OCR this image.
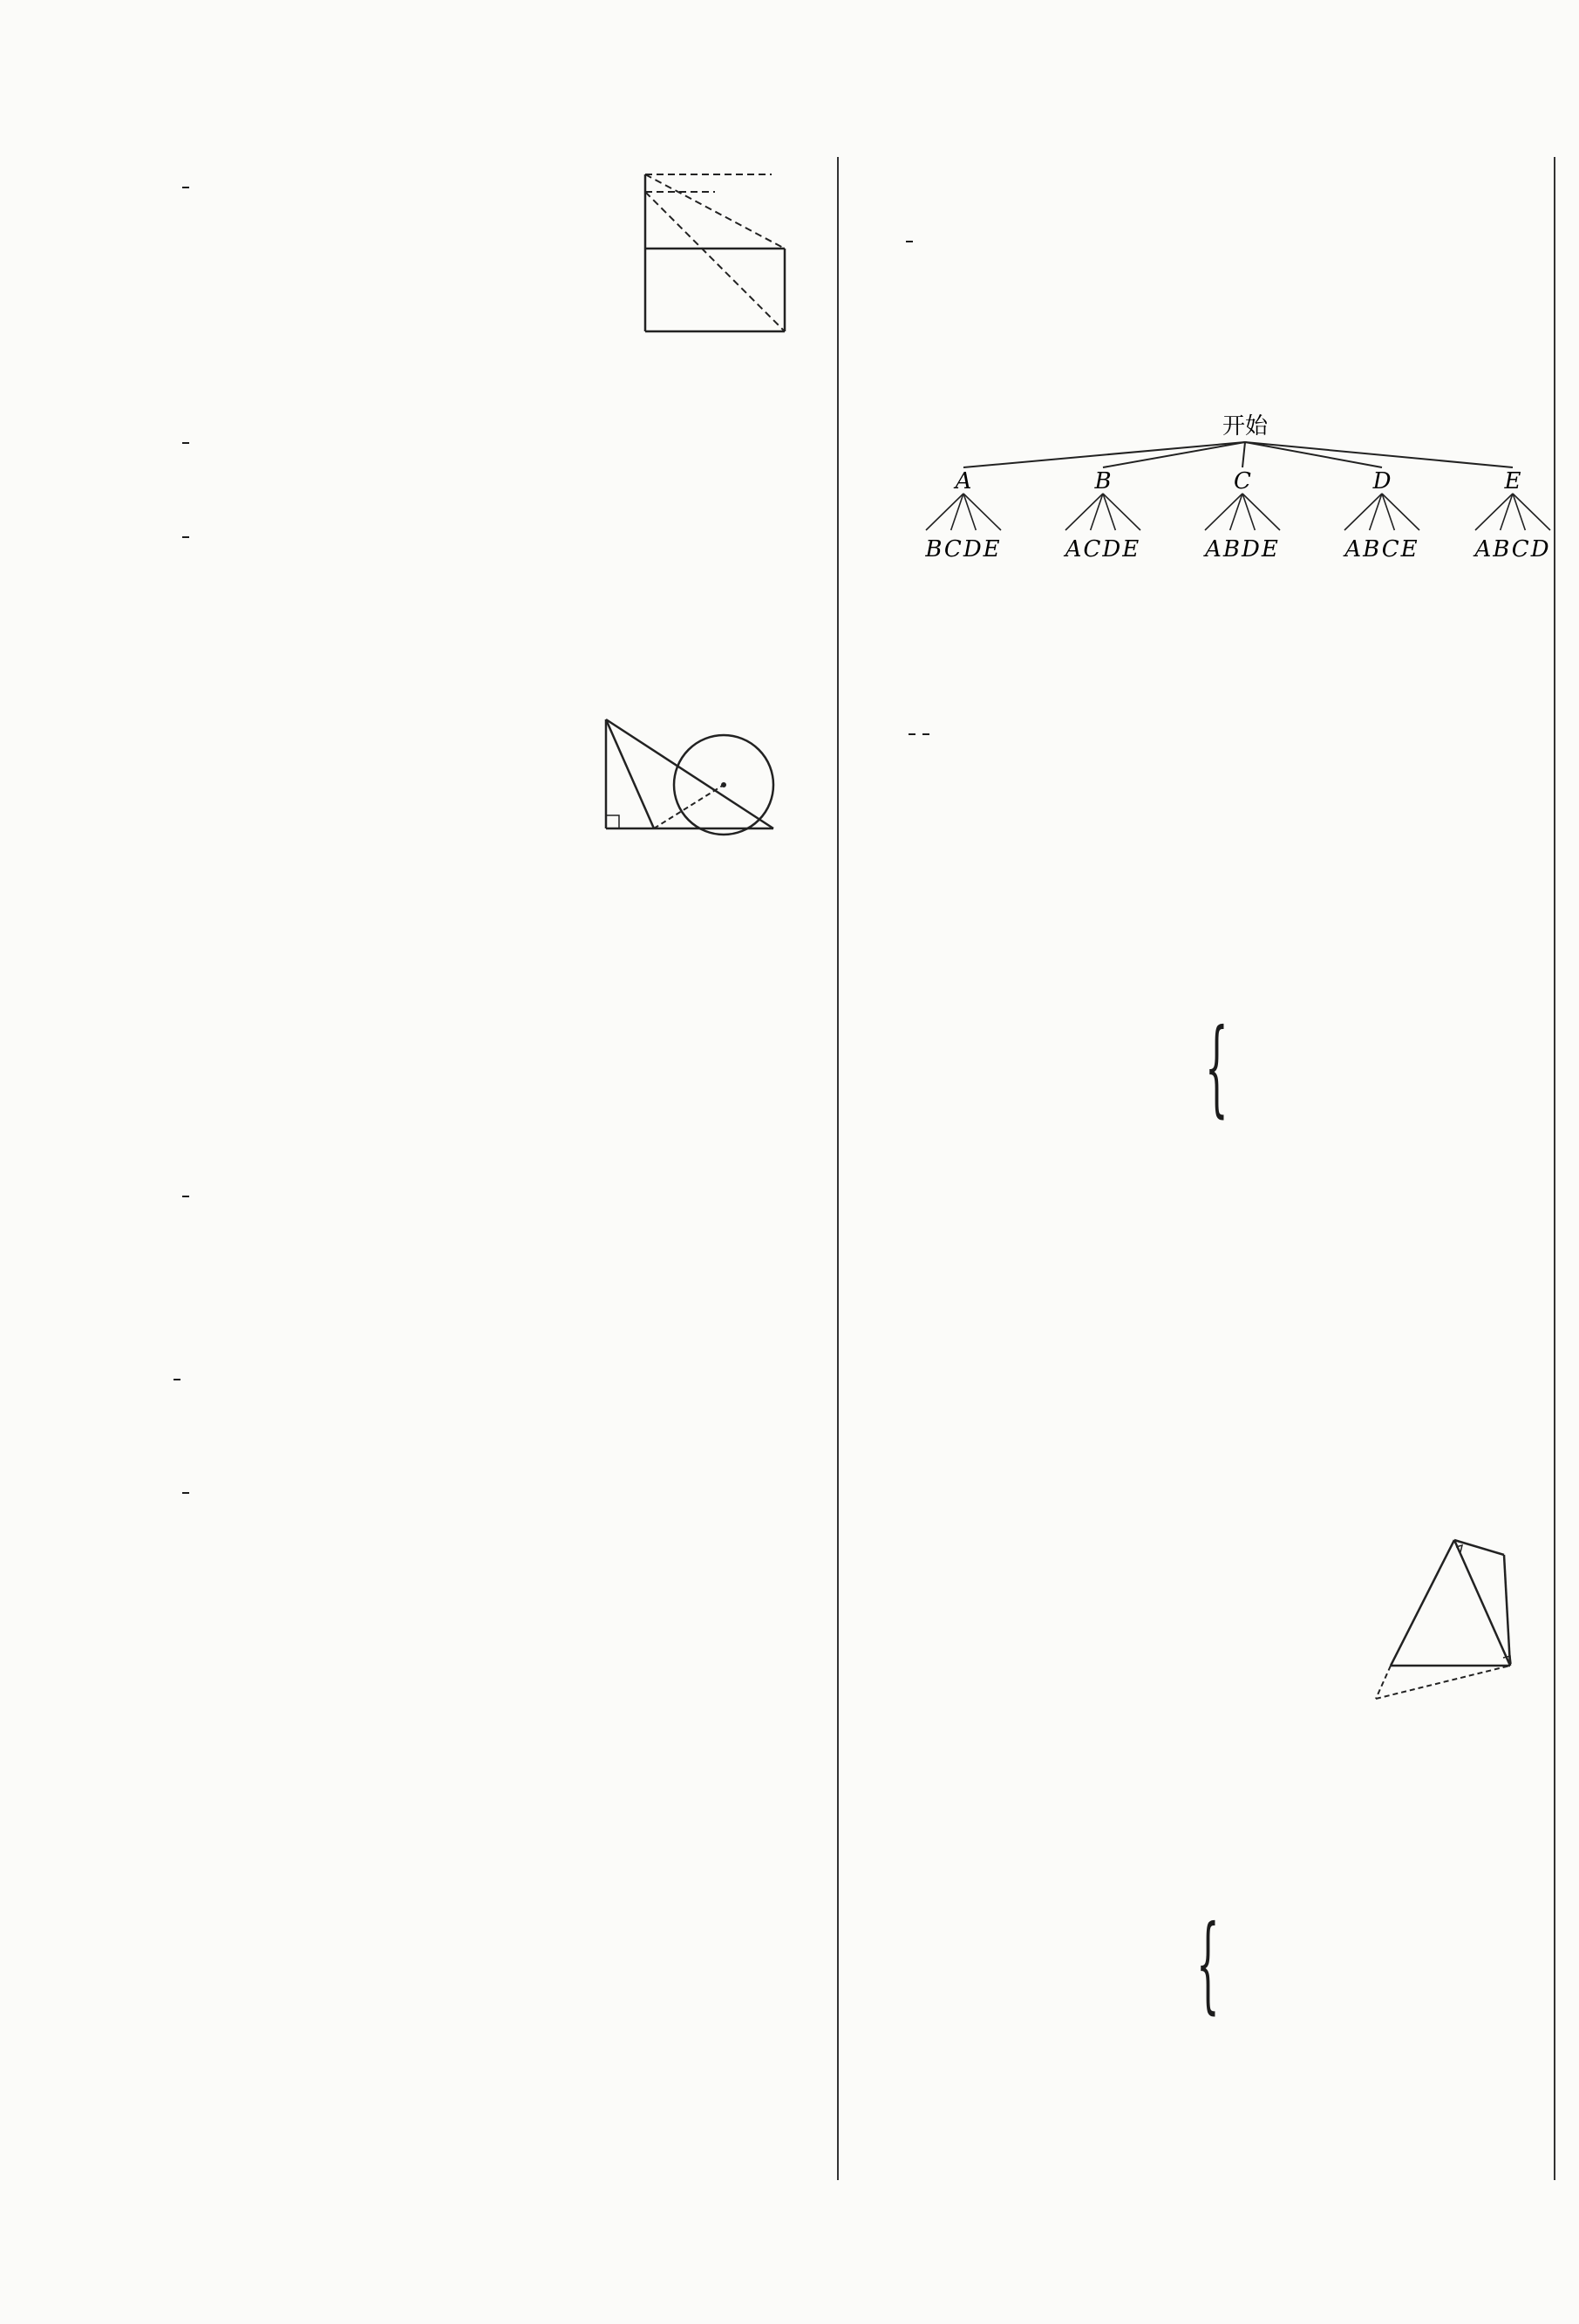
开始
A
BCDE
B
ACDE
C
ABDE
D
ABCE
E
ABCD
{
{
